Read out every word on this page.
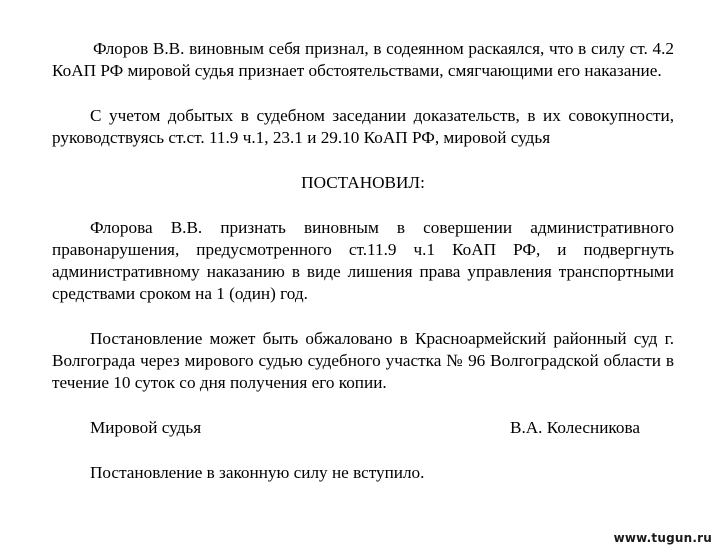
Флоров В.В. виновным себя признал, в содеянном раскаялся, что в силу ст. 4.2 КоАП РФ мировой судья признает обстоятельствами, смягчающими его наказание.

С учетом добытых в судебном заседании доказательств, в их совокупности, руководствуясь ст.ст. 11.9 ч.1, 23.1 и 29.10 КоАП РФ, мировой судья

ПОСТАНОВИЛ:

Флорова В.В. признать виновным в совершении административного правонарушения, предусмотренного ст.11.9 ч.1 КоАП РФ, и подвергнуть административному наказанию в виде лишения права управления транспортными средствами сроком на 1 (один) год.

Постановление может быть обжаловано в Красноармейский районный суд г. Волгограда через мирового судью судебного участка № 96 Волгоградской области в течение 10 суток со дня получения его копии.

Мировой судья	В.А. Колесникова

Постановление в законную силу не вступило.

www.tugun.ru
